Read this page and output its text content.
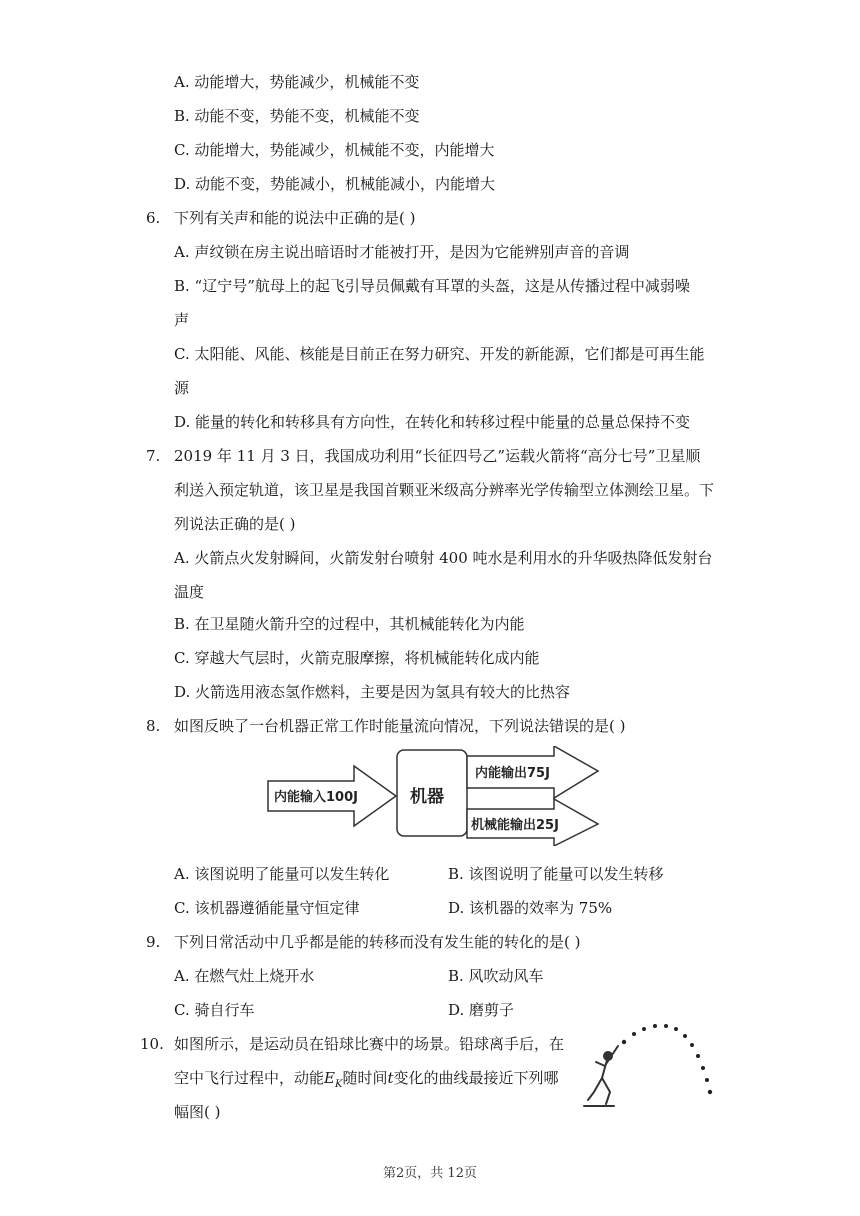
A. 动能增大，势能减少，机械能不变
B. 动能不变，势能不变，机械能不变
C. 动能增大，势能减少，机械能不变，内能增大
D. 动能不变，势能减小，机械能减小，内能增大
6. 下列有关声和能的说法中正确的是( )
A. 声纹锁在房主说出暗语时才能被打开，是因为它能辨别声音的音调
B. “辽宁号”航母上的起飞引导员佩戴有耳罩的头盔，这是从传播过程中减弱噪
声
C. 太阳能、风能、核能是目前正在努力研究、开发的新能源，它们都是可再生能
源
D. 能量的转化和转移具有方向性，在转化和转移过程中能量的总量总保持不变
7. 2019 年 11 月 3 日，我国成功利用“长征四号乙”运载火箭将“高分七号”卫星顺
利送入预定轨道，该卫星是我国首颗亚米级高分辨率光学传输型立体测绘卫星。下
列说法正确的是( )
A. 火箭点火发射瞬间，火箭发射台喷射 400 吨水是利用水的升华吸热降低发射台
温度
B. 在卫星随火箭升空的过程中，其机械能转化为内能
C. 穿越大气层时，火箭克服摩擦，将机械能转化成内能
D. 火箭选用液态氢作燃料，主要是因为氢具有较大的比热容
8. 如图反映了一台机器正常工作时能量流向情况，下列说法错误的是( )
内能输入100J	机器
内能输出75J
机械能输出25J
A. 该图说明了能量可以发生转化	B. 该图说明了能量可以发生转移
C. 该机器遵循能量守恒定律	D. 该机器的效率为 75%
9. 下列日常活动中几乎都是能的转移而没有发生能的转化的是( )
A. 在燃气灶上烧开水	B. 风吹动风车
C. 骑自行车	D. 磨剪子
10. 如图所示，是运动员在铅球比赛中的场景。铅球离手后，在
空中飞行过程中，动能$E_K$随时间t变化的曲线最接近下列哪
幅图( )
第2页，共 12页
